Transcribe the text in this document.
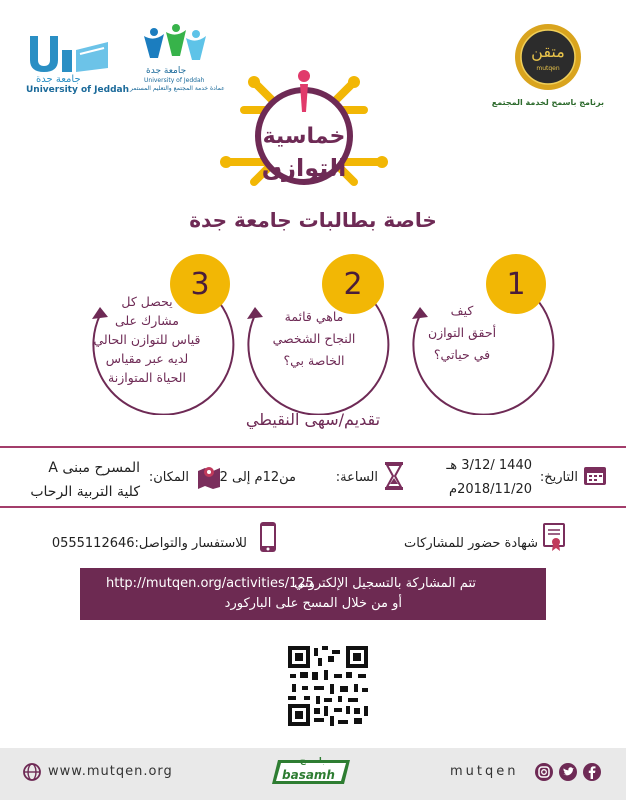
جامعة جدة
University of Jeddah
جامعة جدة
University of Jeddah
عمادة خدمة المجتمع والتعليم المستمر
متقن
mutqen
برنامج باسمح لخدمة المجتمع
خماسية
التوازن
خاصة بطالبات جامعة جدة
1
2
3
كيف
أحقق التوازن
في حياتي؟
ماهي قائمة
النجاح الشخصي
الخاصة بي؟
يحصل كل
مشارك على
قياس للتوازن الحالي
لديه عبر مقياس
الحياة المتوازنة
تقديم/سهى النقيطي
التاريخ:
1440 /3/12 هـ
2018/11/20م
الساعة:
من12م إلى 2
المكان:
المسرح مبنى A
كلية التربية الرحاب
شهادة حضور للمشاركات
للاستفسار والتواصل:0555112646
تتم المشاركة بالتسجيل الإلكتروني
http://mutqen.org/activities/125
أو من خلال المسح على الباركورد
www.mutqen.org	basamh
باسمح
mutqen
